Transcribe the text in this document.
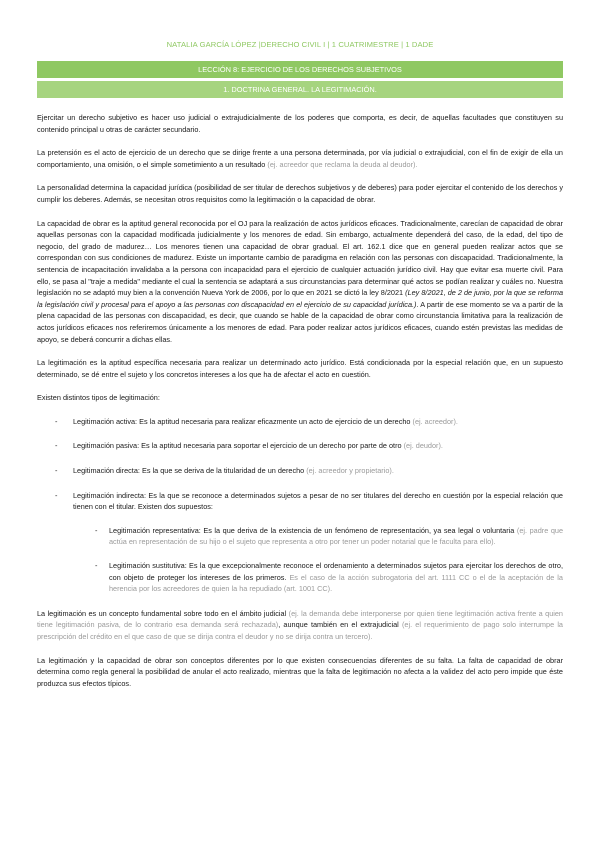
NATALIA GARCÍA LÓPEZ |DERECHO CIVIL I | 1 CUATRIMESTRE | 1 DADE
LECCIÓN 8: EJERCICIO DE LOS DERECHOS SUBJETIVOS
1. DOCTRINA GENERAL. LA LEGITIMACIÓN.

Ejercitar un derecho subjetivo es hacer uso judicial o extrajudicialmente de los poderes que comporta, es decir, de aquellas facultades que constituyen su contenido principal u otras de carácter secundario.

La pretensión es el acto de ejercicio de un derecho que se dirige frente a una persona determinada, por vía judicial o extrajudicial, con el fin de exigir de ella un comportamiento, una omisión, o el simple sometimiento a un resultado (ej. acreedor que reclama la deuda al deudor).

La personalidad determina la capacidad jurídica (posibilidad de ser titular de derechos subjetivos y de deberes) para poder ejercitar el contenido de los derechos y cumplir los deberes. Además, se necesitan otros requisitos como la legitimación o la capacidad de obrar.

La capacidad de obrar es la aptitud general reconocida por el OJ para la realización de actos jurídicos eficaces. Tradicionalmente, carecían de capacidad de obrar aquellas personas con la capacidad modificada judicialmente y los menores de edad. Sin embargo, actualmente dependerá del caso, de la edad, del tipo de negocio, del grado de madurez… Los menores tienen una capacidad de obrar gradual. El art. 162.1 dice que en general pueden realizar actos que se correspondan con sus condiciones de madurez. Existe un importante cambio de paradigma en relación con las personas con discapacidad. Tradicionalmente, la sentencia de incapacitación invalidaba a la persona con incapacidad para el ejercicio de cualquier actuación jurídico civil. Hay que evitar esa muerte civil. Para ello, se pasa al "traje a medida" mediante el cual la sentencia se adaptará a sus circunstancias para determinar qué actos se podían realizar y cuáles no. Nuestra legislación no se adaptó muy bien a la convención Nueva York de 2006, por lo que en 2021 se dictó la ley 8/2021 (Ley 8/2021, de 2 de junio, por la que se reforma la legislación civil y procesal para el apoyo a las personas con discapacidad en el ejercicio de su capacidad jurídica.). A partir de ese momento se va a partir de la plena capacidad de las personas con discapacidad, es decir, que cuando se hable de la capacidad de obrar como circunstancia limitativa para la realización de actos jurídicos eficaces nos referiremos únicamente a los menores de edad. Para poder realizar actos jurídicos eficaces, cuando estén previstas las medidas de apoyo, se deberá concurrir a dichas ellas.

La legitimación es la aptitud específica necesaria para realizar un determinado acto jurídico. Está condicionada por la especial relación que, en un supuesto determinado, se dé entre el sujeto y los concretos intereses a los que ha de afectar el acto en cuestión.

Existen distintos tipos de legitimación:

- Legitimación activa: Es la aptitud necesaria para realizar eficazmente un acto de ejercicio de un derecho (ej. acreedor).
- Legitimación pasiva: Es la aptitud necesaria para soportar el ejercicio de un derecho por parte de otro (ej. deudor).
- Legitimación directa: Es la que se deriva de la titularidad de un derecho (ej. acreedor y propietario).
- Legitimación indirecta: Es la que se reconoce a determinados sujetos a pesar de no ser titulares del derecho en cuestión por la especial relación que tienen con el titular. Existen dos supuestos:
- Legitimación representativa: Es la que deriva de la existencia de un fenómeno de representación, ya sea legal o voluntaria (ej. padre que actúa en representación de su hijo o el sujeto que representa a otro por tener un poder notarial que le faculta para ello).
- Legitimación sustitutiva: Es la que excepcionalmente reconoce el ordenamiento a determinados sujetos para ejercitar los derechos de otro, con objeto de proteger los intereses de los primeros. Es el caso de la acción subrogatoria del art. 1111 CC o el de la aceptación de la herencia por los acreedores de quien la ha repudiado (art. 1001 CC).

La legitimación es un concepto fundamental sobre todo en el ámbito judicial (ej. la demanda debe interponerse por quien tiene legitimación activa frente a quien tiene legitimación pasiva, de lo contrario esa demanda será rechazada), aunque también en el extrajudicial (ej. el requerimiento de pago solo interrumpe la prescripción del crédito en el que caso de que se dirija contra el deudor y no se dirija contra un tercero).

La legitimación y la capacidad de obrar son conceptos diferentes por lo que existen consecuencias diferentes de su falta. La falta de capacidad de obrar determina como regla general la posibilidad de anular el acto realizado, mientras que la falta de legitimación no afecta a la validez del acto pero impide que éste produzca sus efectos típicos.
